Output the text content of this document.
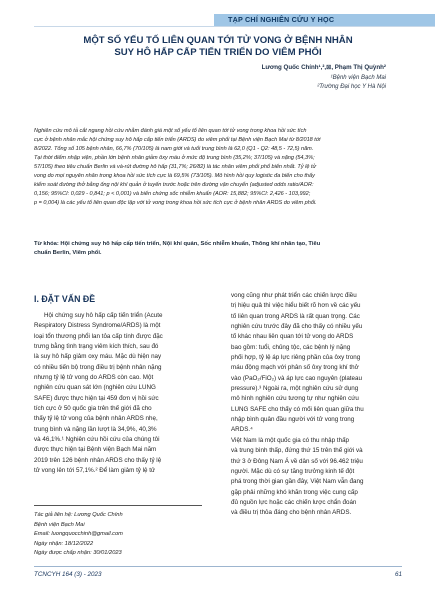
TẠP CHÍ NGHIÊN CỨU Y HỌC
MỘT SỐ YẾU TỐ LIÊN QUAN TỚI TỬ VONG Ở BỆNH NHÂN
SUY HÔ HẤP CẤP TIẾN TRIỂN DO VIÊM PHỔI
Lương Quốc Chính¹,²,⊠, Phạm Thị Quỳnh²
¹Bệnh viện Bạch Mai
²Trường Đại học Y Hà Nội
Nghiên cứu mô tả cắt ngang hồi cứu nhằm đánh giá một số yếu tố liên quan tới tử vong trong khoa hồi sức tích
cực ở bệnh nhân mắc hội chứng suy hô hấp cấp tiến triển (ARDS) do viêm phổi tại Bệnh viện Bạch Mai từ 8/2018 tới
8/2022. Tổng số 105 bệnh nhân, 66,7% (70/105) là nam giới và tuổi trung bình là 62,0 (Q1 - Q2: 48,5 - 72,5) năm.
Tại thời điểm nhập viện, phần lớn bệnh nhân giảm ôxy máu ở mức độ trung bình (35,2%; 37/105) và nặng (54,3%;
57/105) theo tiêu chuẩn Berlin và và-rút đường hô hấp (31,7%; 26/82) là tác nhân viêm phổi phổ biến nhất. Tỷ lệ tử
vong do mọi nguyên nhân trong khoa hồi sức tích cực là 69,5% (73/105). Mô hình hồi quy logistic đa biến cho thấy
kiểm soát đường thở bằng ống nội khí quản ở tuyến trước hoặc trên đường vận chuyển (adjusted odds ratio/AOR:
0,156; 95%CI: 0,029 - 0,841; p < 0,001) và biến chứng sốc nhiễm khuẩn (AOR: 15,882; 95%CI: 2,426 - 103,992;
p = 0,004) là các yếu tố liên quan độc lập với tử vong trong khoa hồi sức tích cực ở bệnh nhân ARDS do viêm phổi.
Từ khóa: Hội chứng suy hô hấp cấp tiến triển, Nội khí quản, Sốc nhiễm khuẩn, Thông khí nhân tạo, Tiêu
chuẩn Berlin, Viêm phổi.
I. ĐẶT VẤN ĐỀ
Hội chứng suy hô hấp cấp tiến triển (Acute
Respiratory Distress Syndrome/ARDS) là một
loại tổn thương phổi lan tỏa cấp tính được đặc
trưng bằng tình trạng viêm kích thích, sau đó
là suy hô hấp giảm oxy máu. Mặc dù hiện nay
có nhiều tiến bộ trong điều trị bệnh nhân nặng
nhưng tỷ lệ tử vong do ARDS còn cao. Một
nghiên cứu quan sát lớn (nghiên cứu LUNG
SAFE) được thực hiện tại 459 đơn vị hồi sức
tích cực ở 50 quốc gia trên thế giới đã cho
thấy tỷ lệ tử vong của bệnh nhân ARDS nhẹ,
trung bình và nặng lần lượt là 34,9%, 40,3%
và 46,1%.¹ Nghiên cứu hồi cứu của chúng tôi
được thực hiện tại Bệnh viện Bạch Mai năm
2019 trên 126 bệnh nhân ARDS cho thấy tỷ lệ
tử vong lên tới 57,1%.² Để làm giảm tỷ lệ tử
vong cũng như phát triển các chiến lược điều
trị hiệu quả thì việc hiểu biết rõ hơn về các yếu
tố liên quan trong ARDS là rất quan trọng. Các
nghiên cứu trước đây đã cho thấy có nhiều yếu
tố khác nhau liên quan tới tử vong do ARDS
bao gồm: tuổi, chủng tộc, các bệnh lý nặng
phối hợp, tỷ lệ áp lực riêng phần của ôxy trong
máu động mạch với phân số ôxy trong khí thở
vào (PaO₂/FiO₂) và áp lực cao nguyên (plateau
pressure).³ Ngoài ra, một nghiên cứu sử dụng
mô hình nghiên cứu tương tự như nghiên cứu
LUNG SAFE cho thấy có mối liên quan giữa thu
nhập bình quân đầu người với tử vong trong
ARDS.⁴
Việt Nam là một quốc gia có thu nhập thấp
và trung bình thấp, đứng thứ 15 trên thế giới và
thứ 3 ở Đông Nam Á về dân số với 96.462 triệu
người. Mặc dù có sự tăng trưởng kinh tế đột
phá trong thời gian gần đây, Việt Nam vẫn đang
gặp phải những khó khăn trong việc cung cấp
đủ nguồn lực hoặc các chiến lược chẩn đoán
và điều trị thỏa đáng cho bệnh nhân ARDS.
Tác giả liên hệ: Lương Quốc Chính
Bệnh viện Bạch Mai
Email: luongquocchinh@gmail.com
Ngày nhận: 18/12/2022
Ngày được chấp nhận: 30/01/2023
TCNCYH 164 (3) - 2023	61
